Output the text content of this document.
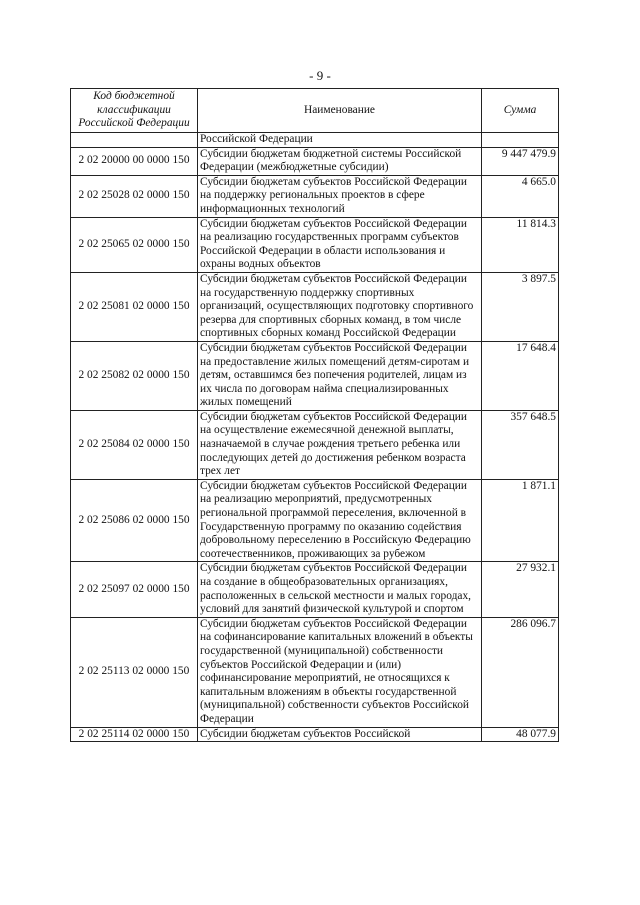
- 9 -
Код бюджетной классификации Российской Федерации	Наименование	Сумма
	Российской Федерации	
2 02 20000 00 0000 150	Субсидии бюджетам бюджетной системы Российской Федерации (межбюджетные субсидии)	9 447 479.9
2 02 25028 02 0000 150	Субсидии бюджетам субъектов Российской Федерации на поддержку региональных проектов в сфере информационных технологий	4 665.0
2 02 25065 02 0000 150	Субсидии бюджетам субъектов Российской Федерации на реализацию государственных программ субъектов Российской Федерации в области использования и охраны водных объектов	11 814.3
2 02 25081 02 0000 150	Субсидии бюджетам субъектов Российской Федерации на государственную поддержку спортивных организаций, осуществляющих подготовку спортивного резерва для спортивных сборных команд, в том числе спортивных сборных команд Российской Федерации	3 897.5
2 02 25082 02 0000 150	Субсидии бюджетам субъектов Российской Федерации на предоставление жилых помещений детям-сиротам и детям, оставшимся без попечения родителей, лицам из их числа по договорам найма специализированных жилых помещений	17 648.4
2 02 25084 02 0000 150	Субсидии бюджетам субъектов Российской Федерации на осуществление ежемесячной денежной выплаты, назначаемой в случае рождения третьего ребенка или последующих детей до достижения ребенком возраста трех лет	357 648.5
2 02 25086 02 0000 150	Субсидии бюджетам субъектов Российской Федерации на реализацию мероприятий, предусмотренных региональной программой переселения, включенной в Государственную программу по оказанию содействия добровольному переселению в Российскую Федерацию соотечественников, проживающих за рубежом	1 871.1
2 02 25097 02 0000 150	Субсидии бюджетам субъектов Российской Федерации на создание в общеобразовательных организациях, расположенных в сельской местности и малых городах, условий для занятий физической культурой и спортом	27 932.1
2 02 25113 02 0000 150	Субсидии бюджетам субъектов Российской Федерации на софинансирование капитальных вложений в объекты государственной (муниципальной) собственности субъектов Российской Федерации и (или) софинансирование мероприятий, не относящихся к капитальным вложениям в объекты государственной (муниципальной) собственности субъектов Российской Федерации	286 096.7
2 02 25114 02 0000 150	Субсидии бюджетам субъектов Российской	48 077.9
